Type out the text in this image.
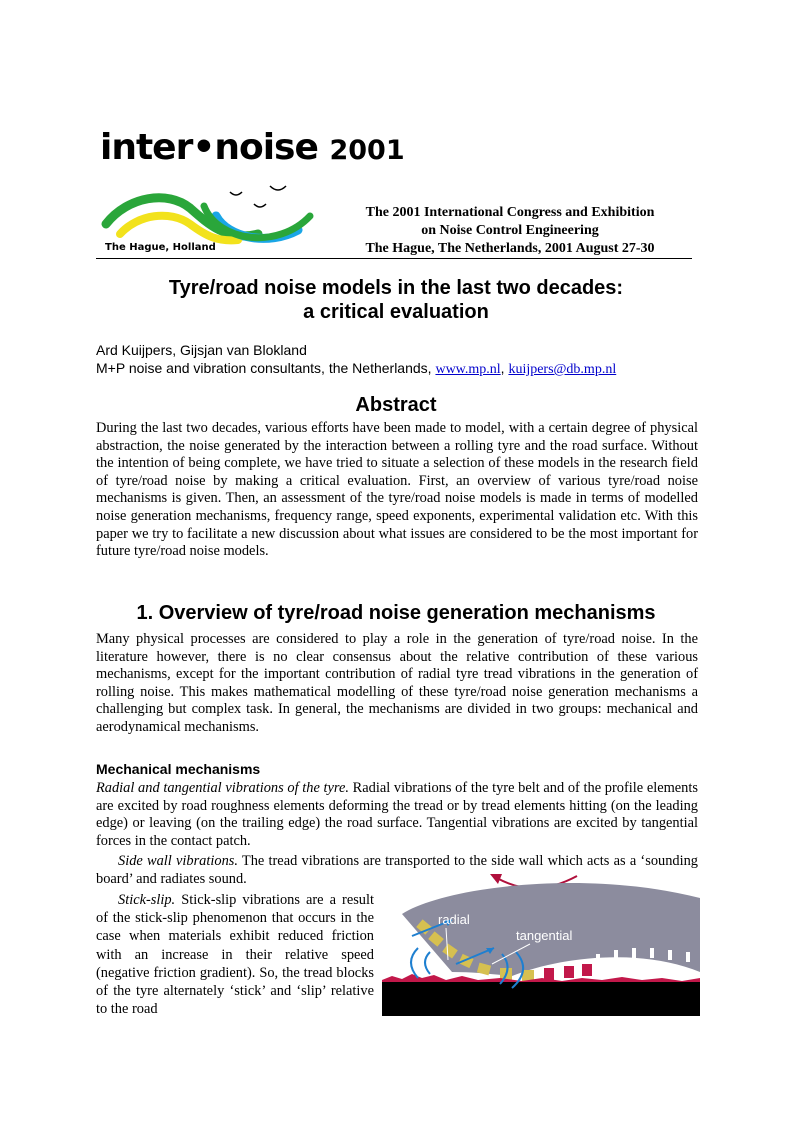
inter•noise 2001
The Hague, Holland
The 2001 International Congress and Exhibition
on Noise Control Engineering
The Hague, The Netherlands, 2001 August 27-30
Tyre/road noise models in the last two decades:
a critical evaluation
Ard Kuijpers, Gijsjan van Blokland
M+P noise and vibration consultants, the Netherlands, www.mp.nl, kuijpers@db.mp.nl
Abstract
During the last two decades, various efforts have been made to model, with a certain degree of physical abstraction, the noise generated by the interaction between a rolling tyre and the road surface. Without the intention of being complete, we have tried to situate a selection of these models in the research field of tyre/road noise by making a critical evaluation. First, an overview of various tyre/road noise mechanisms is given. Then, an assessment of the tyre/road noise models is made in terms of modelled noise generation mechanisms, frequency range, speed exponents, experimental validation etc. With this paper we try to facilitate a new discussion about what issues are considered to be the most important for future tyre/road noise models.
1. Overview of tyre/road noise generation mechanisms
Many physical processes are considered to play a role in the generation of tyre/road noise. In the literature however, there is no clear consensus about the relative contribution of these various mechanisms, except for the important contribution of radial tyre tread vibrations in the generation of rolling noise. This makes mathematical modelling of these tyre/road noise generation mechanisms a challenging but complex task. In general, the mechanisms are divided in two groups: mechanical and aerodynamical mechanisms.
Mechanical mechanisms
Radial and tangential vibrations of the tyre. Radial vibrations of the tyre belt and of the profile elements are excited by road roughness elements deforming the tread or by tread elements hitting (on the leading edge) or leaving (on the trailing edge) the road surface. Tangential vibrations are excited by tangential forces in the contact patch.
Side wall vibrations. The tread vibrations are transported to the side wall which acts as a ‘sounding board’ and radiates sound.
Stick-slip. Stick-slip vibrations are a result of the stick-slip phenomenon that occurs in the case when materials exhibit reduced friction with an increase in their relative speed (negative friction gradient). So, the tread blocks of the tyre alternately ‘stick’ and ‘slip’ relative to the road
radial
tangential
